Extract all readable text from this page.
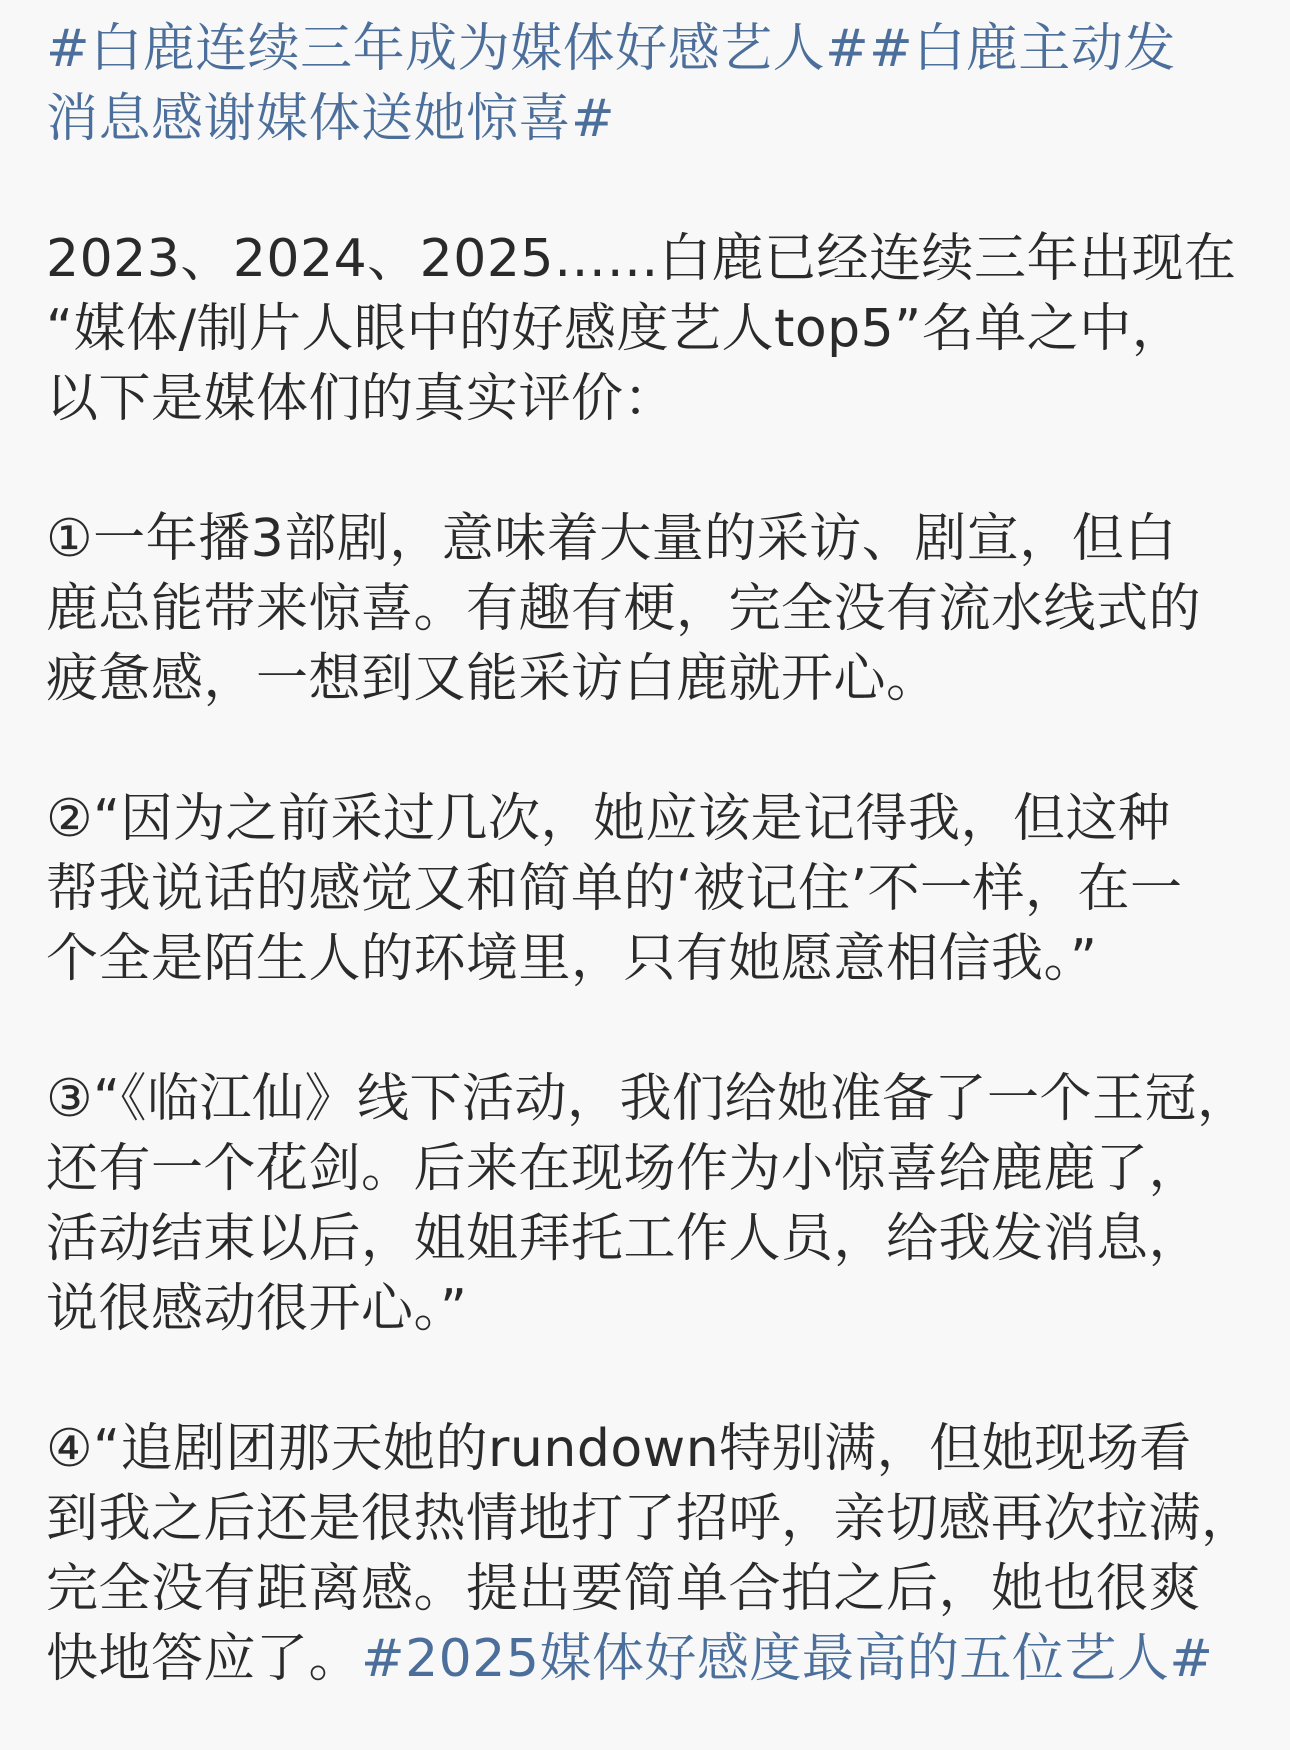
#白鹿连续三年成为媒体好感艺人##白鹿主动发
消息感谢媒体送她惊喜#
2023、2024、2025……白鹿已经连续三年出现在
“媒体/制片人眼中的好感度艺人top5”名单之中，
以下是媒体们的真实评价：
①一年播3部剧，意味着大量的采访、剧宣，但白
鹿总能带来惊喜。有趣有梗，完全没有流水线式的
疲惫感，一想到又能采访白鹿就开心。
②“因为之前采过几次，她应该是记得我，但这种
帮我说话的感觉又和简单的‘被记住’不一样，在一
个全是陌生人的环境里，只有她愿意相信我。”
③“《临江仙》线下活动，我们给她准备了一个王冠，
还有一个花剑。后来在现场作为小惊喜给鹿鹿了，
活动结束以后，姐姐拜托工作人员，给我发消息，
说很感动很开心。”
④“追剧团那天她的rundown特别满，但她现场看
到我之后还是很热情地打了招呼，亲切感再次拉满，
完全没有距离感。提出要简单合拍之后，她也很爽
快地答应了。#2025媒体好感度最高的五位艺人#
